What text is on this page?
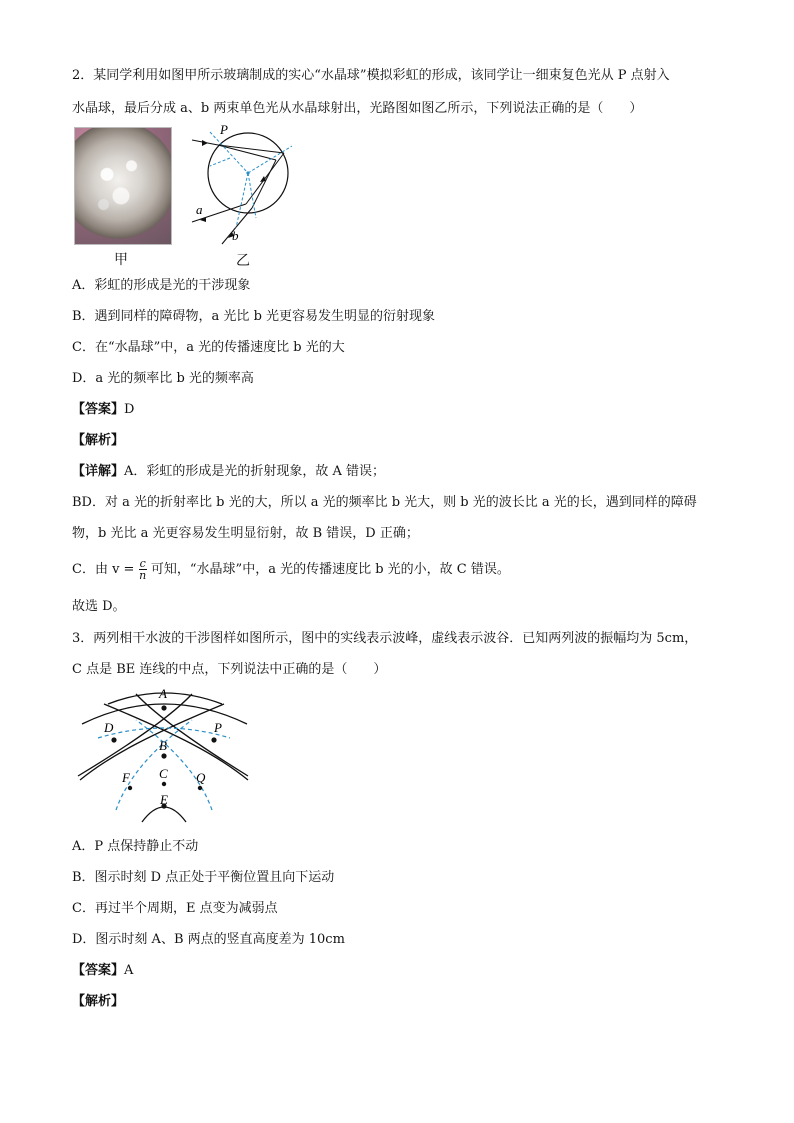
2．某同学利用如图甲所示玻璃制成的实心“水晶球”模拟彩虹的形成，该同学让一细束复色光从 P 点射入
水晶球，最后分成 a、b 两束单色光从水晶球射出，光路图如图乙所示，下列说法正确的是（　　）
甲
P
a
b
乙
A．彩虹的形成是光的干涉现象
B．遇到同样的障碍物，a 光比 b 光更容易发生明显的衍射现象
C．在“水晶球”中，a 光的传播速度比 b 光的大
D．a 光的频率比 b 光的频率高
【答案】D
【解析】
【详解】A．彩虹的形成是光的折射现象，故 A 错误；
BD．对 a 光的折射率比 b 光的大，所以 a 光的频率比 b 光大，则 b 光的波长比 a 光的长，遇到同样的障碍
物，b 光比 a 光更容易发生明显衍射，故 B 错误，D 正确；
C．由 $v = \frac{c}{n}$ 可知，“水晶球”中，a 光的传播速度比 b 光的小，故 C 错误。
故选 D。
3．两列相干水波的干涉图样如图所示，图中的实线表示波峰，虚线表示波谷．已知两列波的振幅均为 5cm，
C 点是 BE 连线的中点，下列说法中正确的是（　　）
A
D	P
B
C
E
F	Q
A．P 点保持静止不动
B．图示时刻 D 点正处于平衡位置且向下运动
C．再过半个周期，E 点变为减弱点
D．图示时刻 A、B 两点的竖直高度差为 10cm
【答案】A
【解析】
